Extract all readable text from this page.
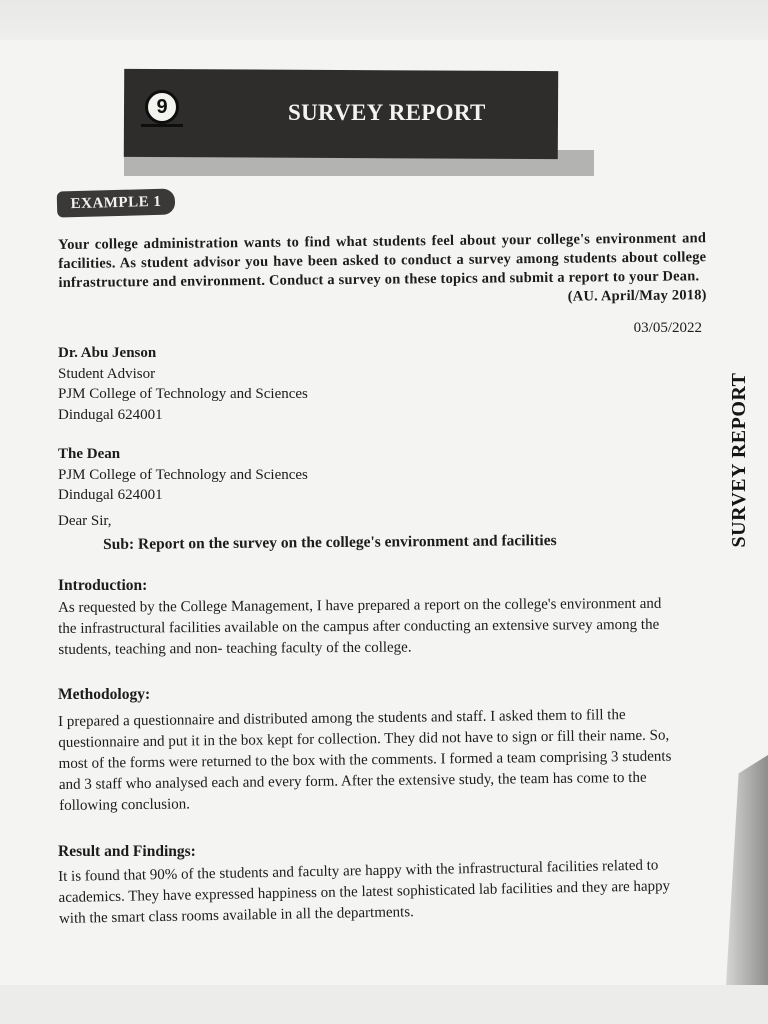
9	SURVEY REPORT
EXAMPLE 1
SURVEY REPORT
Your college administration wants to find what students feel about your college's environment and facilities. As student advisor you have been asked to conduct a survey among students about college infrastructure and environment. Conduct a survey on these topics and submit a report to your Dean.
(AU. April/May 2018)
03/05/2022
Dr. Abu Jenson
Student Advisor
PJM College of Technology and Sciences
Dindugal 624001
The Dean
PJM College of Technology and Sciences
Dindugal 624001
Dear Sir,
Sub: Report on the survey on the college's environment and facilities
Introduction:
As requested by the College Management, I have prepared a report on the college's environment and
the infrastructural facilities available on the campus after conducting an extensive survey among the
students, teaching and non- teaching faculty of the college.
Methodology:
I prepared a questionnaire and distributed among the students and staff. I asked them to fill the
questionnaire and put it in the box kept for collection. They did not have to sign or fill their name. So,
most of the forms were returned to the box with the comments. I formed a team comprising 3 students
and 3 staff who analysed each and every form. After the extensive study, the team has come to the
following conclusion.
Result and Findings:
It is found that 90% of the students and faculty are happy with the infrastructural facilities related to
academics. They have expressed happiness on the latest sophisticated lab facilities and they are happy
with the smart class rooms available in all the departments.
